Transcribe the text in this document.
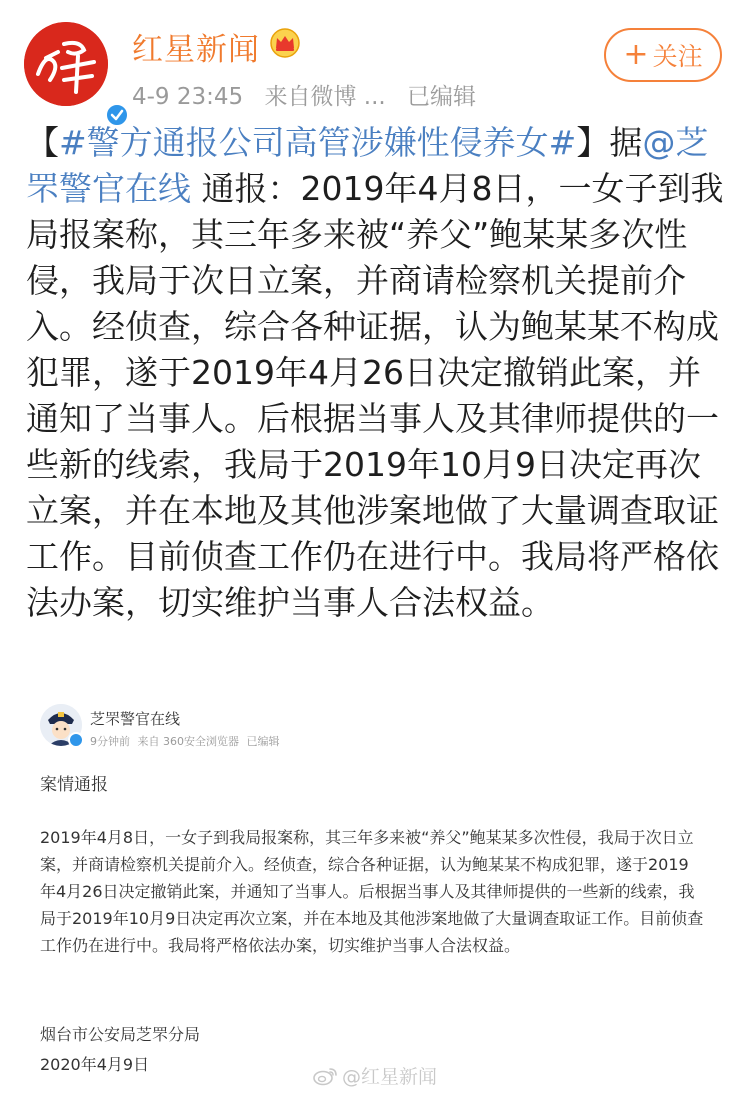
红星新闻
4-9 23:45 来自微博 ... 已编辑
+ 关注
【#警方通报公司高管涉嫌性侵养女#】据@芝罘警官在线 通报：2019年4月8日，一女子到我局报案称，其三年多来被“养父”鲍某某多次性侵，我局于次日立案，并商请检察机关提前介入。经侦查，综合各种证据，认为鲍某某不构成犯罪，遂于2019年4月26日决定撤销此案，并通知了当事人。后根据当事人及其律师提供的一些新的线索，我局于2019年10月9日决定再次立案，并在本地及其他涉案地做了大量调查取证工作。目前侦查工作仍在进行中。我局将严格依法办案，切实维护当事人合法权益。
芝罘警官在线
9分钟前 来自 360安全浏览器 已编辑
案情通报
2019年4月8日，一女子到我局报案称，其三年多来被“养父”鲍某某多次性侵，我局于次日立案，并商请检察机关提前介入。经侦查，综合各种证据，认为鲍某某不构成犯罪，遂于2019年4月26日决定撤销此案，并通知了当事人。后根据当事人及其律师提供的一些新的线索，我局于2019年10月9日决定再次立案，并在本地及其他涉案地做了大量调查取证工作。目前侦查工作仍在进行中。我局将严格依法办案，切实维护当事人合法权益。
烟台市公安局芝罘分局
2020年4月9日
@红星新闻
